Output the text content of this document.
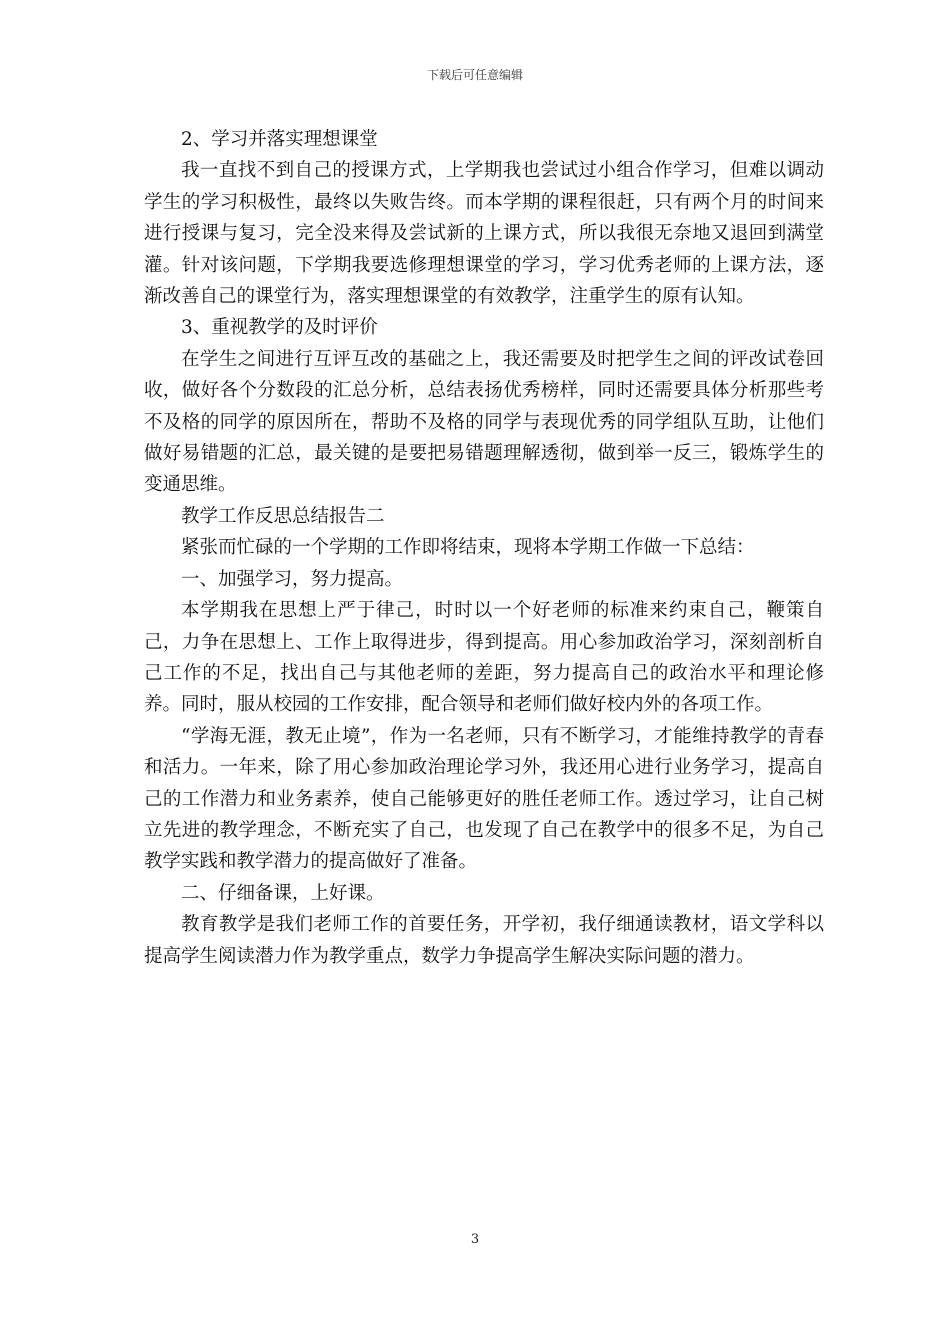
下载后可任意编辑

2、学习并落实理想课堂

我一直找不到自己的授课方式，上学期我也尝试过小组合作学习，但难以调动学生的学习积极性，最终以失败告终。而本学期的课程很赶，只有两个月的时间来进行授课与复习，完全没来得及尝试新的上课方式，所以我很无奈地又退回到满堂灌。针对该问题，下学期我要选修理想课堂的学习，学习优秀老师的上课方法，逐渐改善自己的课堂行为，落实理想课堂的有效教学，注重学生的原有认知。

3、重视教学的及时评价

在学生之间进行互评互改的基础之上，我还需要及时把学生之间的评改试卷回收，做好各个分数段的汇总分析，总结表扬优秀榜样，同时还需要具体分析那些考不及格的同学的原因所在，帮助不及格的同学与表现优秀的同学组队互助，让他们做好易错题的汇总，最关键的是要把易错题理解透彻，做到举一反三，锻炼学生的变通思维。

教学工作反思总结报告二

紧张而忙碌的一个学期的工作即将结束，现将本学期工作做一下总结：

一、加强学习，努力提高。

本学期我在思想上严于律己，时时以一个好老师的标准来约束自己，鞭策自己，力争在思想上、工作上取得进步，得到提高。用心参加政治学习，深刻剖析自己工作的不足，找出自己与其他老师的差距，努力提高自己的政治水平和理论修养。同时，服从校园的工作安排，配合领导和老师们做好校内外的各项工作。

“学海无涯，教无止境”，作为一名老师，只有不断学习，才能维持教学的青春和活力。一年来，除了用心参加政治理论学习外，我还用心进行业务学习，提高自己的工作潜力和业务素养，使自己能够更好的胜任老师工作。透过学习，让自己树立先进的教学理念，不断充实了自己，也发现了自己在教学中的很多不足，为自己教学实践和教学潜力的提高做好了准备。

二、仔细备课，上好课。

教育教学是我们老师工作的首要任务，开学初，我仔细通读教材，语文学科以提高学生阅读潜力作为教学重点，数学力争提高学生解决实际问题的潜力。

3
